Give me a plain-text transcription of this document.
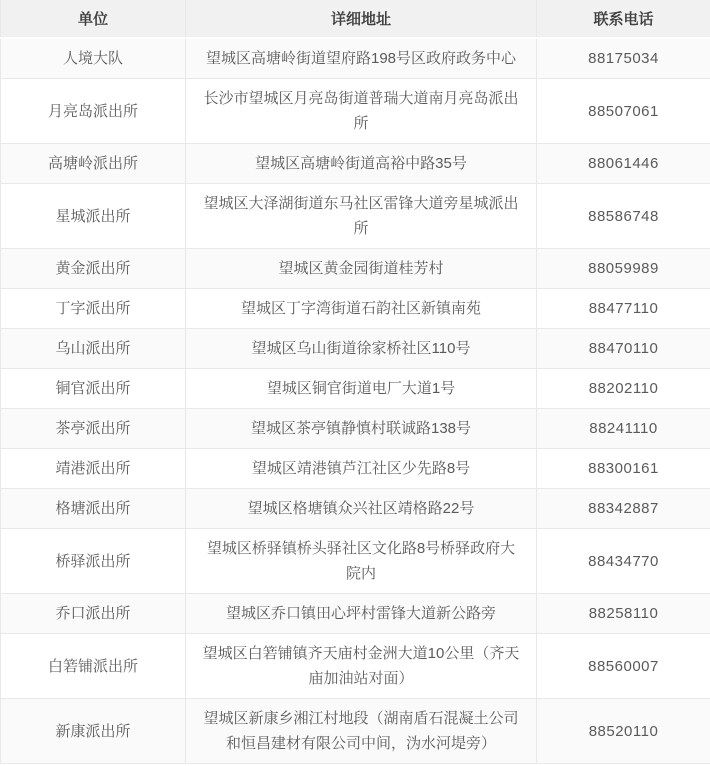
单位	详细地址	联系电话
人境大队	望城区高塘岭街道望府路198号区政府政务中心	88175034
月亮岛派出所	长沙市望城区月亮岛街道普瑞大道南月亮岛派出所	88507061
高塘岭派出所	望城区高塘岭街道高裕中路35号	88061446
星城派出所	望城区大泽湖街道东马社区雷锋大道旁星城派出所	88586748
黄金派出所	望城区黄金园街道桂芳村	88059989
丁字派出所	望城区丁字湾街道石韵社区新镇南苑	88477110
乌山派出所	望城区乌山街道徐家桥社区110号	88470110
铜官派出所	望城区铜官街道电厂大道1号	88202110
茶亭派出所	望城区茶亭镇静慎村联诚路138号	88241110
靖港派出所	望城区靖港镇芦江社区少先路8号	88300161
格塘派出所	望城区格塘镇众兴社区靖格路22号	88342887
桥驿派出所	望城区桥驿镇桥头驿社区文化路8号桥驿政府大院内	88434770
乔口派出所	望城区乔口镇田心坪村雷锋大道新公路旁	88258110
白箬铺派出所	望城区白箬铺镇齐天庙村金洲大道10公里（齐天庙加油站对面）	88560007
新康派出所	望城区新康乡湘江村地段（湖南盾石混凝土公司和恒昌建材有限公司中间，沩水河堤旁）	88520110
